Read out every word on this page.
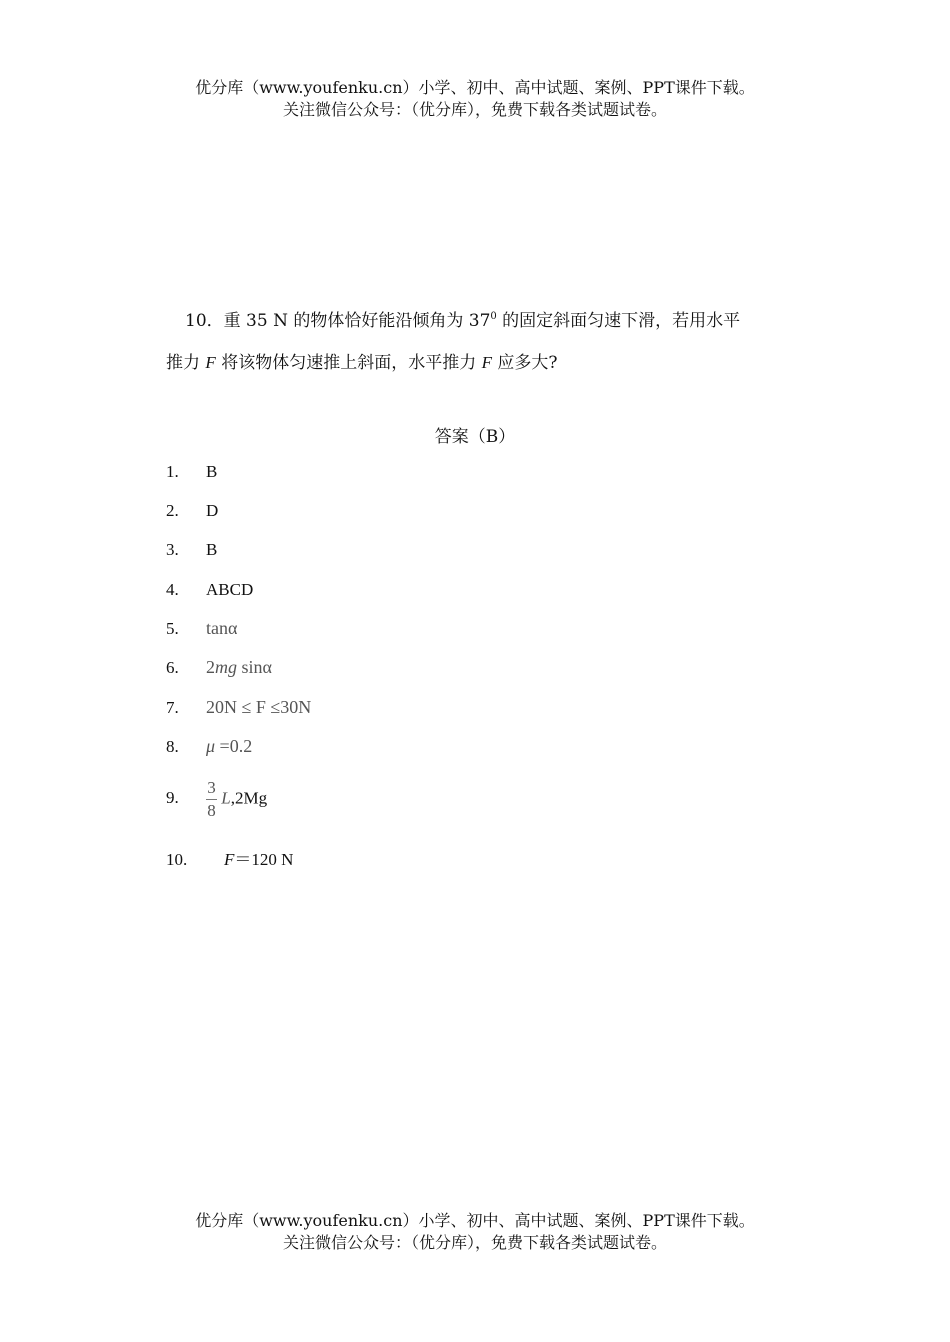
优分库（www.youfenku.cn）小学、初中、高中试题、案例、PPT课件下载。
关注微信公众号：（优分库），免费下载各类试题试卷。
10．重 35 N 的物体恰好能沿倾角为 $37^0$ 的固定斜面匀速下滑，若用水平
推力 F 将该物体匀速推上斜面，水平推力 F 应多大?
答案（B）
1. B
2. D
3. B
4. ABCD
5. tanα
6. 2mg sinα
7. 20N ≤ F ≤30N
8. μ =0.2
9. $\frac{3}{8} L,2Mg$
10. F＝120 N
优分库（www.youfenku.cn）小学、初中、高中试题、案例、PPT课件下载。
关注微信公众号：（优分库），免费下载各类试题试卷。
